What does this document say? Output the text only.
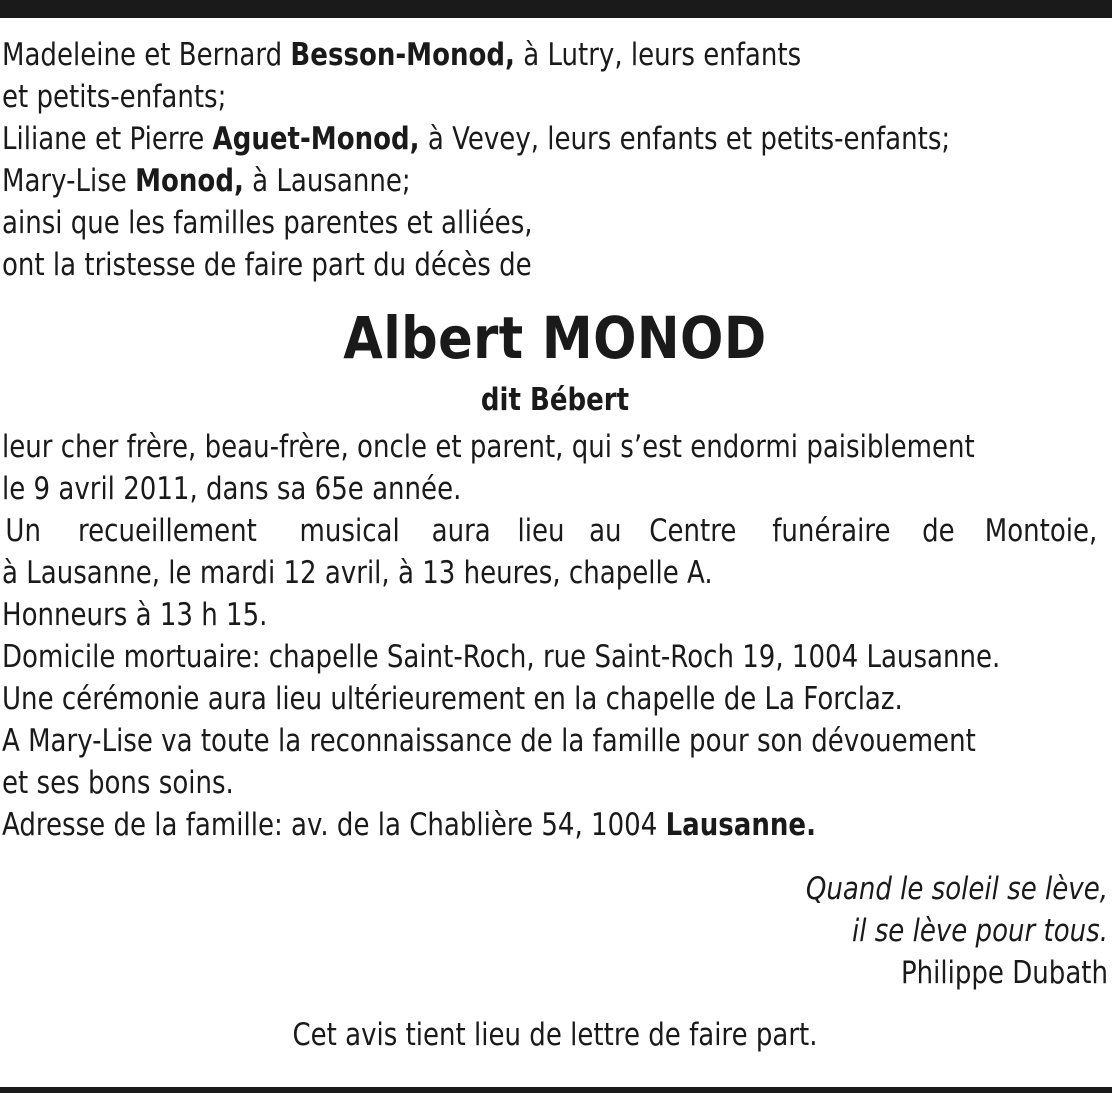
Madeleine et Bernard Besson-Monod, à Lutry, leurs enfants
et petits-enfants;
Liliane et Pierre Aguet-Monod, à Vevey, leurs enfants et petits-enfants;
Mary-Lise Monod, à Lausanne;
ainsi que les familles parentes et alliées,
ont la tristesse de faire part du décès de
Albert MONOD
dit Bébert
leur cher frère, beau-frère, oncle et parent, qui s’est endormi paisiblement
le 9 avril 2011, dans sa 65e année.
Un recueillement musical aura lieu au Centre funéraire de Montoie,
à Lausanne, le mardi 12 avril, à 13 heures, chapelle A.
Honneurs à 13 h 15.
Domicile mortuaire: chapelle Saint-Roch, rue Saint-Roch 19, 1004 Lausanne.
Une cérémonie aura lieu ultérieurement en la chapelle de La Forclaz.
A Mary-Lise va toute la reconnaissance de la famille pour son dévouement
et ses bons soins.
Adresse de la famille: av. de la Chablière 54, 1004 Lausanne.
Quand le soleil se lève,
il se lève pour tous.
Philippe Dubath
Cet avis tient lieu de lettre de faire part.
